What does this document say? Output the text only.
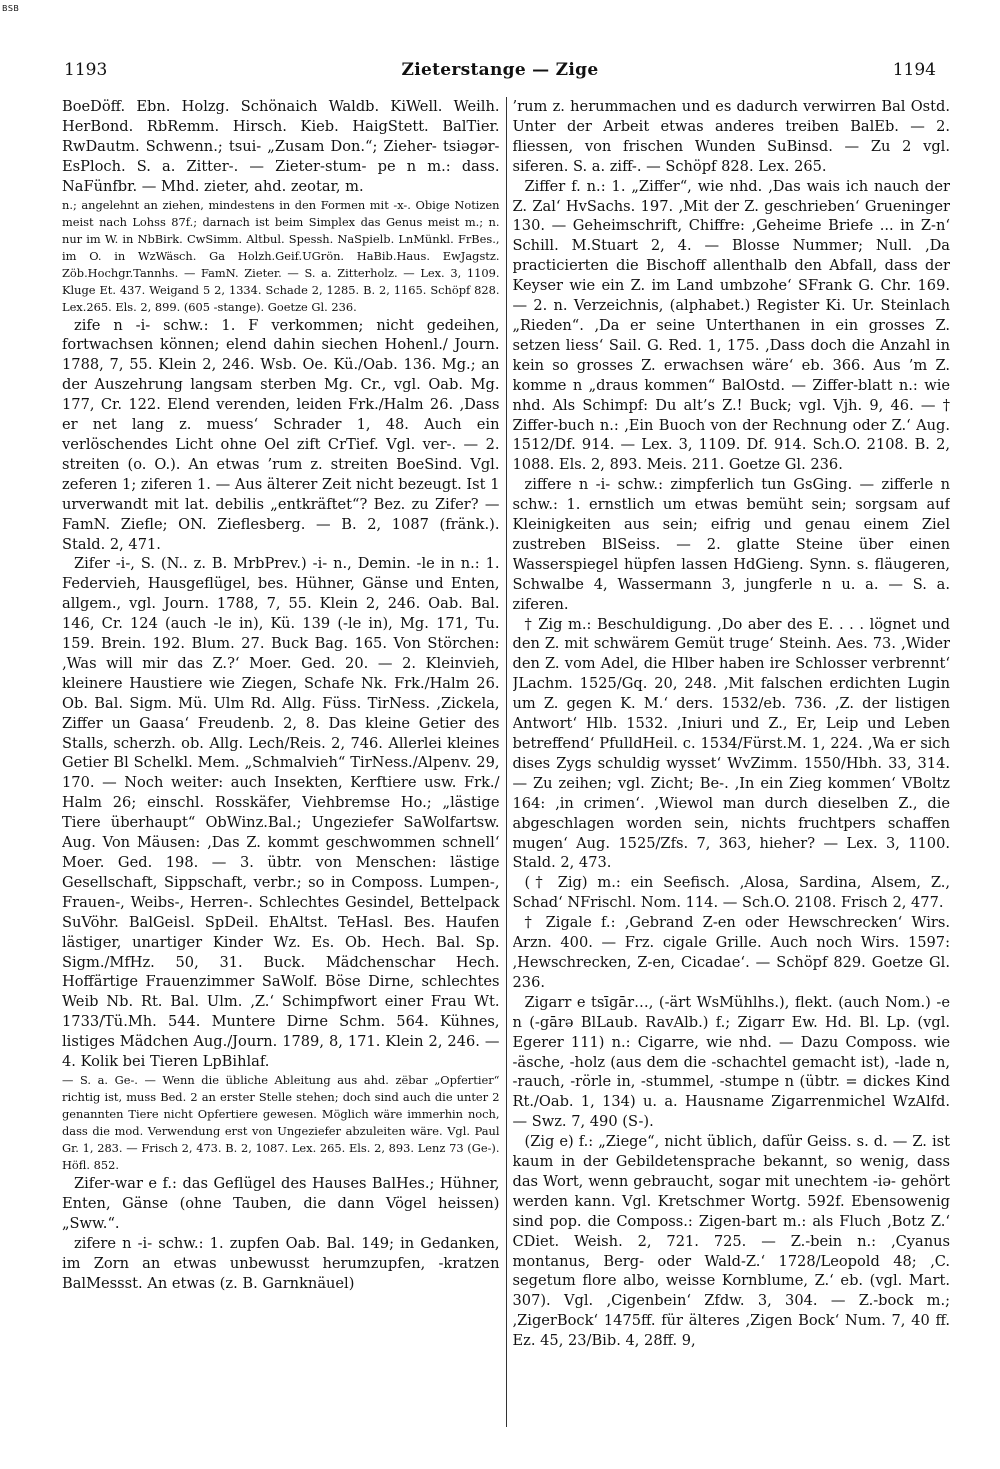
BSB
1193	Zieterstange — Zige	1194

BoeDöff. Ebn. Holzg. Schönaich Waldb. KiWell. Weilh. HerBond. RbRemm. Hirsch. Kieb. HaigStett. BalTier. RwDautm. Schwenn.; tsui- „Zusam Don.“; Zieher- tsiəgər- EsPloch. S. a. Zitter-. — Zieter-stum- pe n m.: dass. NaFünfbr. — Mhd. zieter, ahd. zeotar, m.

n.; angelehnt an ziehen, mindestens in den Formen mit -x-. Obige Notizen meist nach Lohss 87f.; darnach ist beim Simplex das Genus meist m.; n. nur im W. in NbBirk. CwSimm. Altbul. Spessh. NaSpielb. LnMünkl. FrBes., im O. in WzWäsch. Ga Holzh.Geif.UGrön. HaBib.Haus. EwJagstz. Zöb.Hochgr.Tannhs. — FamN. Zieter. — S. a. Zitterholz. — Lex. 3, 1109. Kluge Et. 437. Weigand 5 2, 1334. Schade 2, 1285. B. 2, 1165. Schöpf 828. Lex.265. Els. 2, 899. (605 -stange). Goetze Gl. 236.

zife n -i- schw.: 1. F verkommen; nicht gedeihen, fortwachsen können; elend dahin siechen Hohenl./ Journ. 1788, 7, 55. Klein 2, 246. Wsb. Oe. Kü./Oab. 136. Mg.; an der Auszehrung langsam sterben Mg. Cr., vgl. Oab. Mg. 177, Cr. 122. Elend verenden, leiden Frk./Halm 26. ‚Dass er net lang z. muess‘ Schrader 1, 48. Auch ein verlöschendes Licht ohne Oel zift CrTief. Vgl. ver-. — 2. streiten (o. O.). An etwas ’rum z. streiten BoeSind. Vgl. zeferen 1; ziferen 1. — Aus älterer Zeit nicht bezeugt. Ist 1 urverwandt mit lat. debilis „entkräftet“? Bez. zu Zifer? — FamN. Ziefle; ON. Zieflesberg. — B. 2, 1087 (fränk.). Stald. 2, 471.

Zifer -i-, S. (N.. z. B. MrbPrev.) -i- n., Demin. -le in n.: 1. Federvieh, Hausgeflügel, bes. Hühner, Gänse und Enten, allgem., vgl. Journ. 1788, 7, 55. Klein 2, 246. Oab. Bal. 146, Cr. 124 (auch -le in), Kü. 139 (-le in), Mg. 171, Tu. 159. Brein. 192. Blum. 27. Buck Bag. 165. Von Störchen: ‚Was will mir das Z.?‘ Moer. Ged. 20. — 2. Kleinvieh, kleinere Haustiere wie Ziegen, Schafe Nk. Frk./Halm 26. Ob. Bal. Sigm. Mü. Ulm Rd. Allg. Füss. TirNess. ‚Zickela, Ziffer un Gaasa‘ Freudenb. 2, 8. Das kleine Getier des Stalls, scherzh. ob. Allg. Lech/Reis. 2, 746. Allerlei kleines Getier Bl Schelkl. Mem. „Schmalvieh“ TirNess./Alpenv. 29, 170. — Noch weiter: auch Insekten, Kerftiere usw. Frk./ Halm 26; einschl. Rosskäfer, Viehbremse Ho.; „lästige Tiere überhaupt“ ObWinz.Bal.; Ungeziefer SaWolfartsw. Aug. Von Mäusen: ‚Das Z. kommt geschwommen schnell‘ Moer. Ged. 198. — 3. übtr. von Menschen: lästige Gesellschaft, Sippschaft, verbr.; so in Composs. Lumpen-, Frauen-, Weibs-, Herren-. Schlechtes Gesindel, Bettelpack SuVöhr. BalGeisl. SpDeil. EhAltst. TeHasl. Bes. Haufen lästiger, unartiger Kinder Wz. Es. Ob. Hech. Bal. Sp. Sigm./MfHz. 50, 31. Buck. Mädchenschar Hech. Hoffärtige Frauenzimmer SaWolf. Böse Dirne, schlechtes Weib Nb. Rt. Bal. Ulm. ‚Z.‘ Schimpfwort einer Frau Wt. 1733/Tü.Mh. 544. Muntere Dirne Schm. 564. Kühnes, listiges Mädchen Aug./Journ. 1789, 8, 171. Klein 2, 246. — 4. Kolik bei Tieren LpBihlaf.

— S. a. Ge-. — Wenn die übliche Ableitung aus ahd. zëbar „Opfertier“ richtig ist, muss Bed. 2 an erster Stelle stehen; doch sind auch die unter 2 genannten Tiere nicht Opfertiere gewesen. Möglich wäre immerhin noch, dass die mod. Verwendung erst von Ungeziefer abzuleiten wäre. Vgl. Paul Gr. 1, 283. — Frisch 2, 473. B. 2, 1087. Lex. 265. Els. 2, 893. Lenz 73 (Ge-). Höfl. 852.

Zifer-war e f.: das Geflügel des Hauses BalHes.; Hühner, Enten, Gänse (ohne Tauben, die dann Vögel heissen) „Sww.“.

zifere n -i- schw.: 1. zupfen Oab. Bal. 149; in Gedanken, im Zorn an etwas unbewusst herumzupfen, -kratzen BalMessst. An etwas (z. B. Garnknäuel)

’rum z. herummachen und es dadurch verwirren Bal Ostd. Unter der Arbeit etwas anderes treiben BalEb. — 2. fliessen, von frischen Wunden SuBinsd. — Zu 2 vgl. siferen. S. a. ziff-. — Schöpf 828. Lex. 265.

Ziffer f. n.: 1. „Ziffer“, wie nhd. ‚Das wais ich nauch der Z. Zal‘ HvSachs. 197. ‚Mit der Z. geschrieben‘ Grueninger 130. — Geheimschrift, Chiffre: ‚Geheime Briefe ... in Z-n‘ Schill. M.Stuart 2, 4. — Blosse Nummer; Null. ‚Da practicierten die Bischoff allenthalb den Abfall, dass der Keyser wie ein Z. im Land umbzohe‘ SFrank G. Chr. 169. — 2. n. Verzeichnis, (alphabet.) Register Ki. Ur. Steinlach „Rieden“. ‚Da er seine Unterthanen in ein grosses Z. setzen liess‘ Sail. G. Red. 1, 175. ‚Dass doch die Anzahl in kein so grosses Z. erwachsen wäre‘ eb. 366. Aus ’m Z. komme n „draus kommen“ BalOstd. — Ziffer-blatt n.: wie nhd. Als Schimpf: Du alt’s Z.! Buck; vgl. Vjh. 9, 46. — † Ziffer-buch n.: ‚Ein Buoch von der Rechnung oder Z.‘ Aug. 1512/Df. 914. — Lex. 3, 1109. Df. 914. Sch.O. 2108. B. 2, 1088. Els. 2, 893. Meis. 211. Goetze Gl. 236.

ziffere n -i- schw.: zimpferlich tun GsGing. — zifferle n schw.: 1. ernstlich um etwas bemüht sein; sorgsam auf Kleinigkeiten aus sein; eifrig und genau einem Ziel zustreben BlSeiss. — 2. glatte Steine über einen Wasserspiegel hüpfen lassen HdGieng. Synn. s. fläugeren, Schwalbe 4, Wassermann 3, jungferle n u. a. — S. a. ziferen.

† Zig m.: Beschuldigung. ‚Do aber des E. . . . lögnet und den Z. mit schwärem Gemüt truge‘ Steinh. Aes. 73. ‚Wider den Z. vom Adel, die Hlber haben ire Schlosser verbrennt‘ JLachm. 1525/Gq. 20, 248. ‚Mit falschen erdichten Lugin um Z. gegen K. M.‘ ders. 1532/eb. 736. ‚Z. der listigen Antwort‘ Hlb. 1532. ‚Iniuri und Z., Er, Leip und Leben betreffend‘ PfulldHeil. c. 1534/Fürst.M. 1, 224. ‚Wa er sich dises Zygs schuldig wysset‘ WvZimm. 1550/Hbh. 33, 314. — Zu zeihen; vgl. Zicht; Be-. ‚In ein Zieg kommen‘ VBoltz 164: ‚in crimen‘. ‚Wiewol man durch dieselben Z., die abgeschlagen worden sein, nichts fruchtpers schaffen mugen‘ Aug. 1525/Zfs. 7, 363, hieher? — Lex. 3, 1100. Stald. 2, 473.

(† Zig) m.: ein Seefisch. ‚Alosa, Sardina, Alsem, Z., Schad‘ NFrischl. Nom. 114. — Sch.O. 2108. Frisch 2, 477.

† Zigale f.: ‚Gebrand Z-en oder Hewschrecken‘ Wirs. Arzn. 400. — Frz. cigale Grille. Auch noch Wirs. 1597: ‚Hewschrecken, Z-en, Cicadae‘. — Schöpf 829. Goetze Gl. 236.

Zigarr e tsīgār…, (-ärt WsMühlhs.), flekt. (auch Nom.) -e n (-gārə BlLaub. RavAlb.) f.; Zigarr Ew. Hd. Bl. Lp. (vgl. Egerer 111) n.: Cigarre, wie nhd. — Dazu Composs. wie -äsche, -holz (aus dem die -schachtel gemacht ist), -lade n, -rauch, -rörle in, -stummel, -stumpe n (übtr. = dickes Kind Rt./Oab. 1, 134) u. a. Hausname Zigarrenmichel WzAlfd. — Swz. 7, 490 (S-).

(Zig e) f.: „Ziege“, nicht üblich, dafür Geiss. s. d. — Z. ist kaum in der Gebildetensprache bekannt, so wenig, dass das Wort, wenn gebraucht, sogar mit unechtem -iə- gehört werden kann. Vgl. Kretschmer Wortg. 592f. Ebensowenig sind pop. die Composs.: Zigen-bart m.: als Fluch ‚Botz Z.‘ CDiet. Weish. 2, 721. 725. — Z.-bein n.: ‚Cyanus montanus, Berg- oder Wald-Z.‘ 1728/Leopold 48; ‚C. segetum flore albo, weisse Kornblume, Z.‘ eb. (vgl. Mart. 307). Vgl. ‚Cigenbein‘ Zfdw. 3, 304. — Z.-bock m.; ‚ZigerBock‘ 1475ff. für älteres ‚Zigen Bock‘ Num. 7, 40 ff. Ez. 45, 23/Bib. 4, 28ff. 9,
